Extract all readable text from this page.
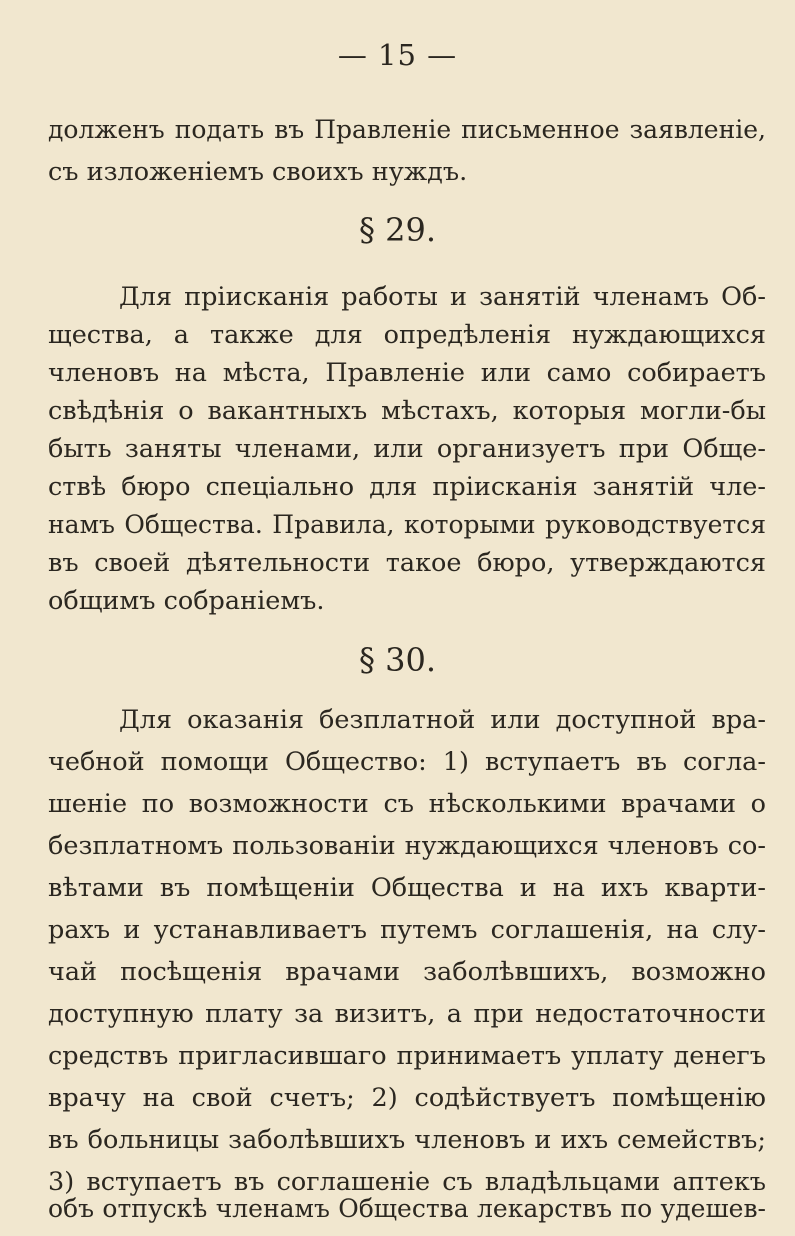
— 15 —
долженъ подать въ Правленіе письменное заявленіе,
съ изложеніемъ своихъ нуждъ.
§ 29.
Для пріисканія работы и занятій членамъ Об-
щества, а также для опредѣленія нуждающихся
членовъ на мѣста, Правленіе или само собираетъ
свѣдѣнія о вакантныхъ мѣстахъ, которыя могли-бы
быть заняты членами, или организуетъ при Обще-
ствѣ бюро спеціально для пріисканія занятій чле-
намъ Общества. Правила, которыми руководствуется
въ своей дѣятельности такое бюро, утверждаются
общимъ собраніемъ.
§ 30.
Для оказанія безплатной или доступной вра-
чебной помощи Общество: 1) вступаетъ въ согла-
шеніе по возможности съ нѣсколькими врачами о
безплатномъ пользованіи нуждающихся членовъ со-
вѣтами въ помѣщеніи Общества и на ихъ кварти-
рахъ и устанавливаетъ путемъ соглашенія, на слу-
чай посѣщенія врачами заболѣвшихъ, возможно
доступную плату за визитъ, а при недостаточности
средствъ пригласившаго принимаетъ уплату денегъ
врачу на свой счетъ; 2) содѣйствуетъ помѣщенію
въ больницы заболѣвшихъ членовъ и ихъ семействъ;
3) вступаетъ въ соглашеніе съ владѣльцами аптекъ
объ отпускѣ членамъ Общества лекарствъ по удешев-
